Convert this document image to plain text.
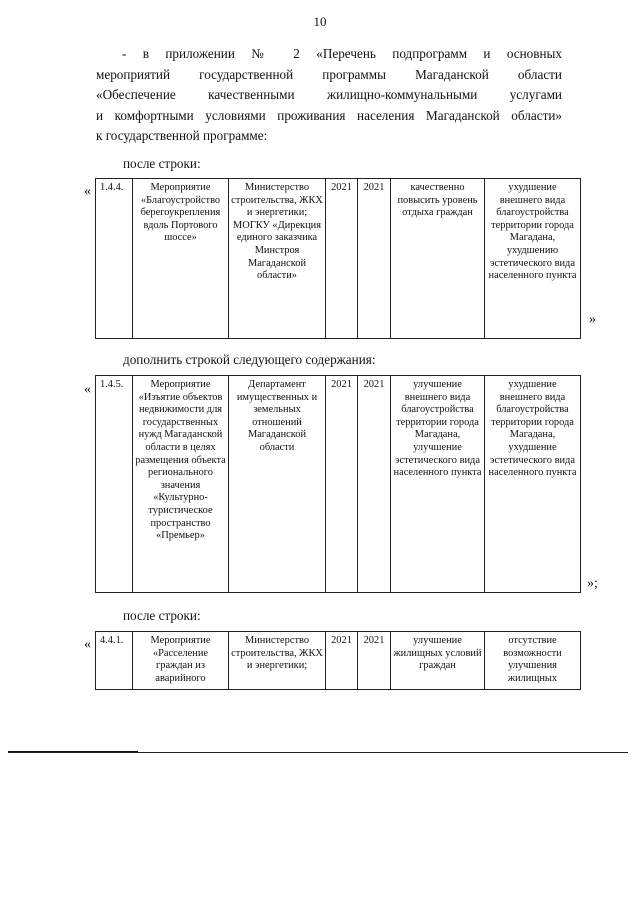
10
- в приложении № 2 «Перечень подпрограмм и основных
мероприятий государственной программы Магаданской области
«Обеспечение качественными жилищно-коммунальными услугами
и комфортными условиями проживания населения Магаданской области»
к государственной программе:
после строки:
« 1.4.4.	Мероприятие «Благоустройство берегоукрепления вдоль Портового шоссе»	Министерство строительства, ЖКХ и энергетики; МОГКУ «Дирекция единого заказчика Минстроя Магаданской области»	2021	2021	качественно повысить уровень отдыха граждан	ухудшение внешнего вида благоустройства территории города Магадана, ухудшению эстетического вида населенного пункта
»
дополнить строкой следующего содержания:
« 1.4.5.	Мероприятие «Изъятие объектов недвижимости для государственных нужд Магаданской области в целях размещения объекта регионального значения «Культурно-туристическое пространство «Премьер»	Департамент имущественных и земельных отношений Магаданской области	2021	2021	улучшение внешнего вида благоустройства территории города Магадана, улучшение эстетического вида населенного пункта	ухудшение внешнего вида благоустройства территории города Магадана, ухудшение эстетического вида населенного пункта
»;
после строки:
« 4.4.1.	Мероприятие «Расселение граждан из аварийного	Министерство строительства, ЖКХ и энергетики;	2021	2021	улучшение жилищных условий граждан	отсутствие возможности улучшения жилищных
